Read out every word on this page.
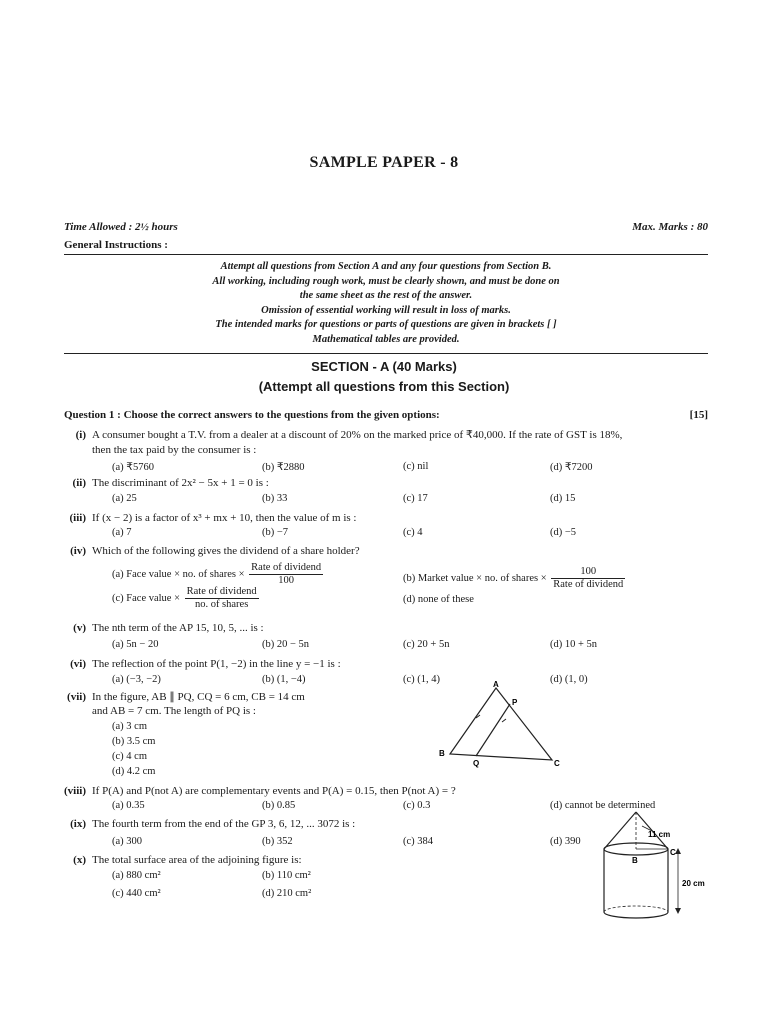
SAMPLE PAPER - 8
Time Allowed : 2½ hours	Max. Marks : 80
General Instructions :
Attempt all questions from Section A and any four questions from Section B.
All working, including rough work, must be clearly shown, and must be done on
the same sheet as the rest of the answer.
Omission of essential working will result in loss of marks.
The intended marks for questions or parts of questions are given in brackets [ ]
Mathematical tables are provided.
SECTION - A (40 Marks)
(Attempt all questions from this Section)
Question 1 : Choose the correct answers to the questions from the given options:	[15]
(i) A consumer bought a T.V. from a dealer at a discount of 20% on the marked price of ₹40,000. If the rate of GST is 18%,
then the tax paid by the consumer is :
(a) ₹5760	(b) ₹2880	(c) nil	(d) ₹7200
(ii) The discriminant of 2x² − 5x + 1 = 0 is :
(a) 25	(b) 33	(c) 17	(d) 15
(iii) If (x − 2) is a factor of x³ + mx + 10, then the value of m is :
(a) 7	(b) −7	(c) 4	(d) −5
(iv) Which of the following gives the dividend of a share holder?
(a) Face value × no. of shares × $\frac{\text{Rate of dividend}}{100}$	(b) Market value × no. of shares × $\frac{100}{\text{Rate of dividend}}$
(c) Face value × $\frac{\text{Rate of dividend}}{\text{no. of shares}}$	(d) none of these
(v) The nth term of the AP 15, 10, 5, ... is :
(a) 5n − 20	(b) 20 − 5n	(c) 20 + 5n	(d) 10 + 5n
(vi) The reflection of the point P(1, −2) in the line y = −1 is :
(a) (−3, −2)	(b) (1, −4)	(c) (1, 4)	(d) (1, 0)
(vii) In the figure, AB ∥ PQ, CQ = 6 cm, CB = 14 cm
and AB = 7 cm. The length of PQ is :
(a) 3 cm
(b) 3.5 cm
(c) 4 cm
(d) 4.2 cm
A
P
B
Q	C
(viii) If P(A) and P(not A) are complementary events and P(A) = 0.15, then P(not A) = ?
(a) 0.35	(b) 0.85	(c) 0.3	(d) cannot be determined
(ix) The fourth term from the end of the GP 3, 6, 12, ... 3072 is :
(a) 300	(b) 352	(c) 384	(d) 390
(x) The total surface area of the adjoining figure is:
(a) 880 cm²	(b) 110 cm²
(c) 440 cm²	(d) 210 cm²
11 cm
C
B
20 cm
